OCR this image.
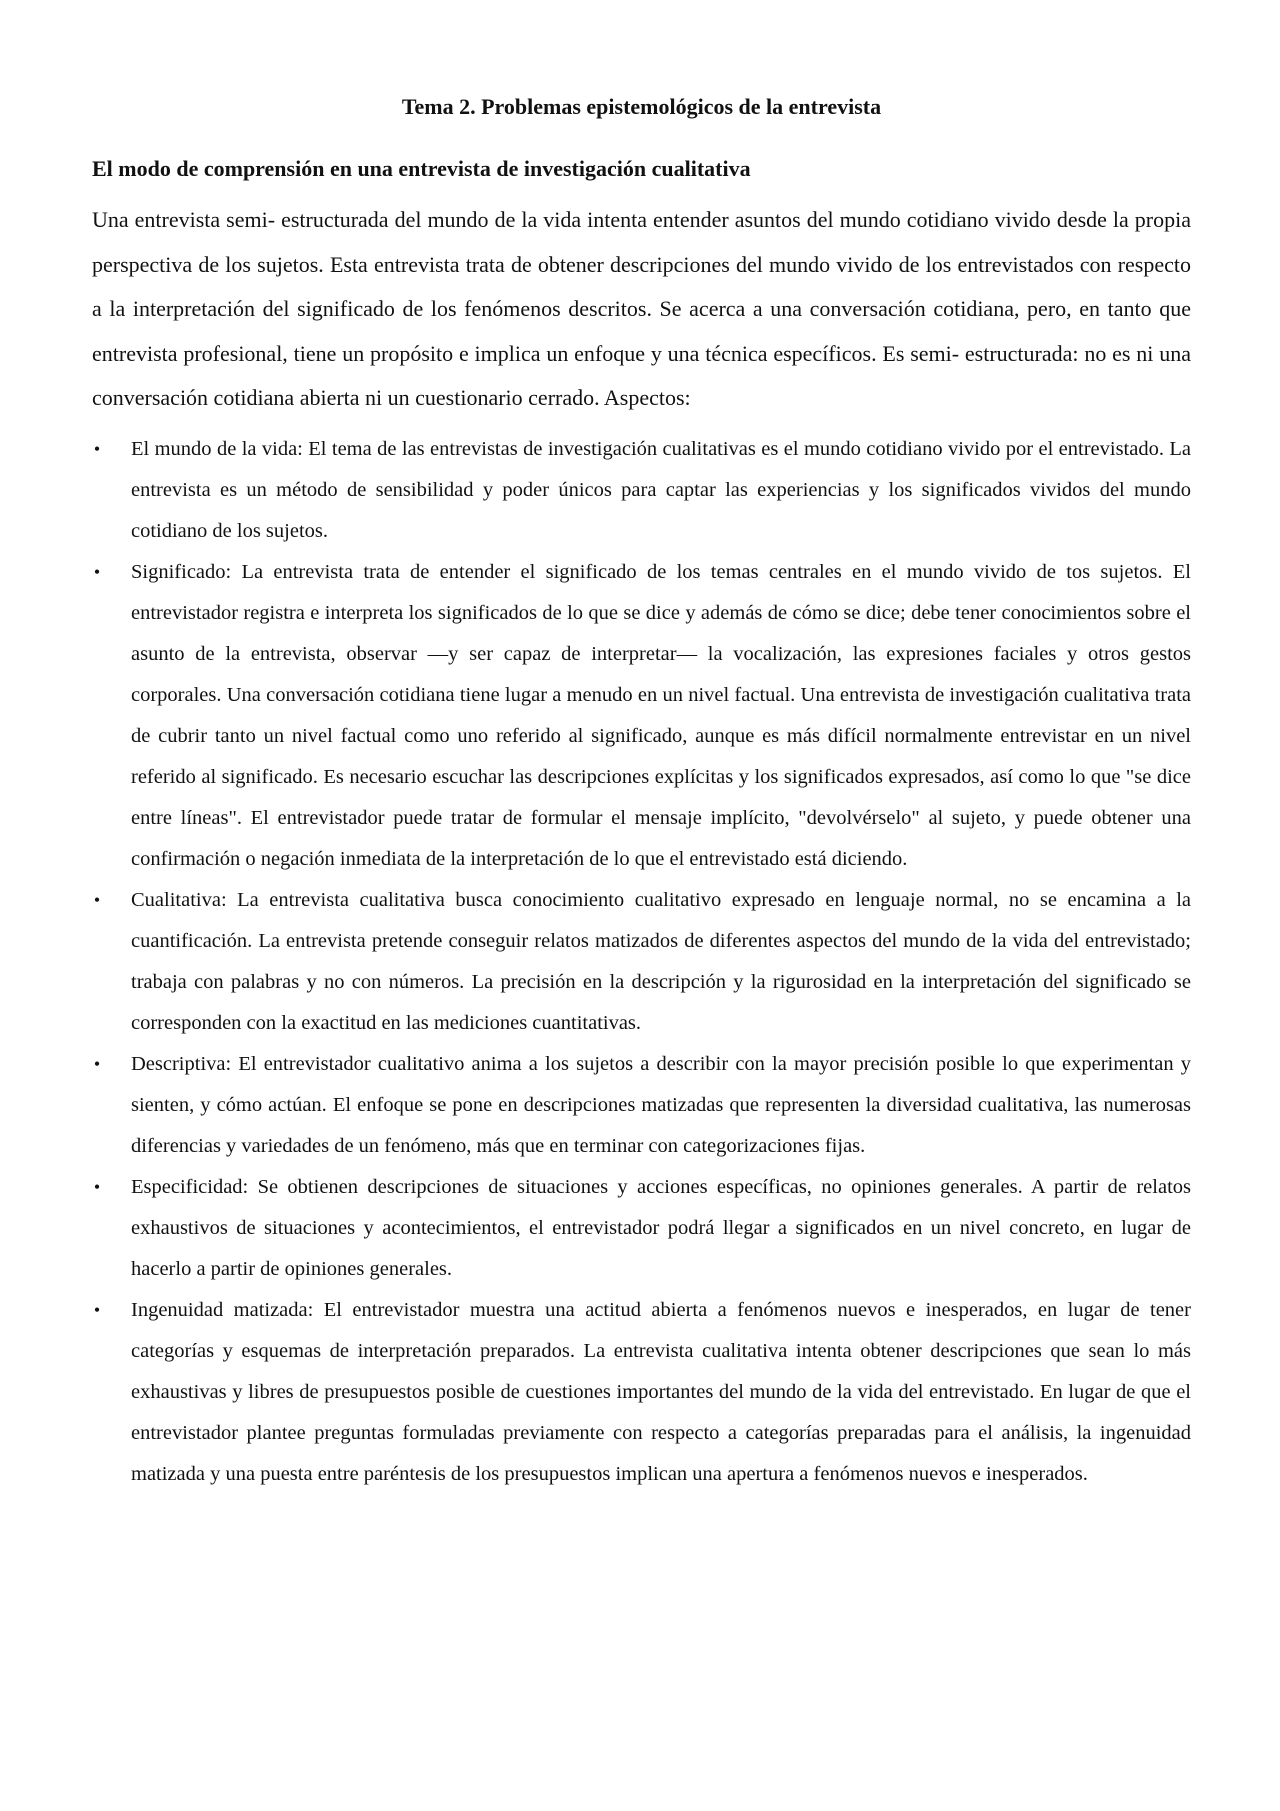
Tema 2. Problemas epistemológicos de la entrevista
El modo de comprensión en una entrevista de investigación cualitativa

Una entrevista semi- estructurada del mundo de la vida intenta entender asuntos del mundo cotidiano vivido desde la propia perspectiva de los sujetos. Esta entrevista trata de obtener descripciones del mundo vivido de los entrevistados con respecto a la interpretación del significado de los fenómenos descritos. Se acerca a una conversación cotidiana, pero, en tanto que entrevista profesional, tiene un propósito e implica un enfoque y una técnica específicos. Es semi- estructurada: no es ni una conversación cotidiana abierta ni un cuestionario cerrado. Aspectos:

• El mundo de la vida: El tema de las entrevistas de investigación cualitativas es el mundo cotidiano vivido por el entrevistado. La entrevista es un método de sensibilidad y poder únicos para captar las experiencias y los significados vividos del mundo cotidiano de los sujetos.
• Significado: La entrevista trata de entender el significado de los temas centrales en el mundo vivido de tos sujetos. El entrevistador registra e interpreta los significados de lo que se dice y además de cómo se dice; debe tener conocimientos sobre el asunto de la entrevista, observar —y ser capaz de interpretar— la vocalización, las expresiones faciales y otros gestos corporales. Una conversación cotidiana tiene lugar a menudo en un nivel factual. Una entrevista de investigación cualitativa trata de cubrir tanto un nivel factual como uno referido al significado, aunque es más difícil normalmente entrevistar en un nivel referido al significado. Es necesario escuchar las descripciones explícitas y los significados expresados, así como lo que "se dice entre líneas". El entrevistador puede tratar de formular el mensaje implícito, "devolvérselo" al sujeto, y puede obtener una confirmación o negación inmediata de la interpretación de lo que el entrevistado está diciendo.
• Cualitativa: La entrevista cualitativa busca conocimiento cualitativo expresado en lenguaje normal, no se encamina a la cuantificación. La entrevista pretende conseguir relatos matizados de diferentes aspectos del mundo de la vida del entrevistado; trabaja con palabras y no con números. La precisión en la descripción y la rigurosidad en la interpretación del significado se corresponden con la exactitud en las mediciones cuantitativas.
• Descriptiva: El entrevistador cualitativo anima a los sujetos a describir con la mayor precisión posible lo que experimentan y sienten, y cómo actúan. El enfoque se pone en descripciones matizadas que representen la diversidad cualitativa, las numerosas diferencias y variedades de un fenómeno, más que en terminar con categorizaciones fijas.
• Especificidad: Se obtienen descripciones de situaciones y acciones específicas, no opiniones generales. A partir de relatos exhaustivos de situaciones y acontecimientos, el entrevistador podrá llegar a significados en un nivel concreto, en lugar de hacerlo a partir de opiniones generales.
• Ingenuidad matizada: El entrevistador muestra una actitud abierta a fenómenos nuevos e inesperados, en lugar de tener categorías y esquemas de interpretación preparados. La entrevista cualitativa intenta obtener descripciones que sean lo más exhaustivas y libres de presupuestos posible de cuestiones importantes del mundo de la vida del entrevistado. En lugar de que el entrevistador plantee preguntas formuladas previamente con respecto a categorías preparadas para el análisis, la ingenuidad matizada y una puesta entre paréntesis de los presupuestos implican una apertura a fenómenos nuevos e inesperados.
